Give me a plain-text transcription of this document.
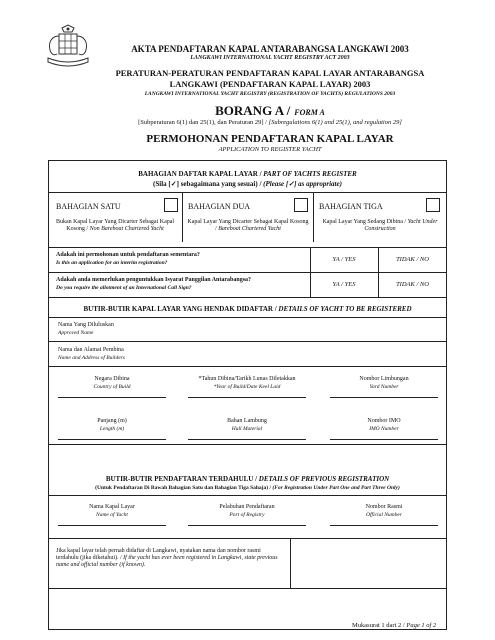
AKTA PENDAFTARAN KAPAL ANTARABANGSA LANGKAWI 2003
LANGKAWI INTERNATIONAL YACHT REGISTRY ACT 2003
PERATURAN-PERATURAN PENDAFTARAN KAPAL LAYAR ANTARABANGSA
LANGKAWI (PENDAFTARAN KAPAL LAYAR) 2003
LANGKAWI INTERNATIONAL YACHT REGISTRY (REGISTRATION OF YACHTS) REGULATIONS 2003
BORANG A / FORM A
[Subperaturan 6(1) dan 25(1), dan Peraturan 29] / [Subregulations 6(1) and 25(1), and regulation 29]
PERMOHONAN PENDAFTARAN KAPAL LAYAR
APPLICATION TO REGISTER YACHT
BAHAGIAN DAFTAR KAPAL LAYAR / PART OF YACHTS REGISTER
(Sila [✓] sebagaimana yang sesuai) / (Please [✓] as appropriate)
BAHAGIAN SATU
Bukan Kapal Layar Yang Dicarter Sebagai Kapal Kosong / Non Bareboat Chartered Yacht
BAHAGIAN DUA
Kapal Layar Yang Dicarter Sebagai Kapal Kosong / Bareboat Chartered Yacht
BAHAGIAN TIGA
Kapal Layar Yang Sedang Dibina / Yacht Under Construction
Adakah ini permohonan untuk pendaftaran sementara?
Is this an application for an interim registration?	YA / YES	TIDAK / NO
Adakah anda memerlukan penguntukkan Isyarat Panggilan Antarabangsa?
Do you require the allotment of an International Call Sign?	YA / YES	TIDAK / NO
BUTIR-BUTIR KAPAL LAYAR YANG HENDAK DIDAFTAR / DETAILS OF YACHT TO BE REGISTERED
Nama Yang Diluluskan
Approved Name
Nama dan Alamat Pembina
Name and Address of Builders
Negara Dibina
Country of Build
*Tahun Dibina/Tarikh Lunas Diletakkan
*Year of Build/Date Keel Laid
Nombor Limbungan
Yard Number
Panjang (m)
Length (m)
Bahan Lambung
Hull Material
Nombor IMO
IMO Number
BUTIR-BUTIR PENDAFTARAN TERDAHULU / DETAILS OF PREVIOUS REGISTRATION
(Untuk Pendaftaran Di Bawah Bahagian Satu dan Bahagian Tiga Sahaja) / (For Registration Under Part One and Part Three Only)
Nama Kapal Layar
Name of Yacht
Pelabuhan Pendaftaran
Port of Registry
Nombor Rasmi
Official Number
Jika kapal layar telah pernah didaftar di Langkawi, nyatakan nama dan nombor rasmi terdahulu (jika diketahui). / If the yacht has ever been registered in Langkawi, state previous name and official number (if known).
Mukasurat 1 dari 2 / Page 1 of 2
